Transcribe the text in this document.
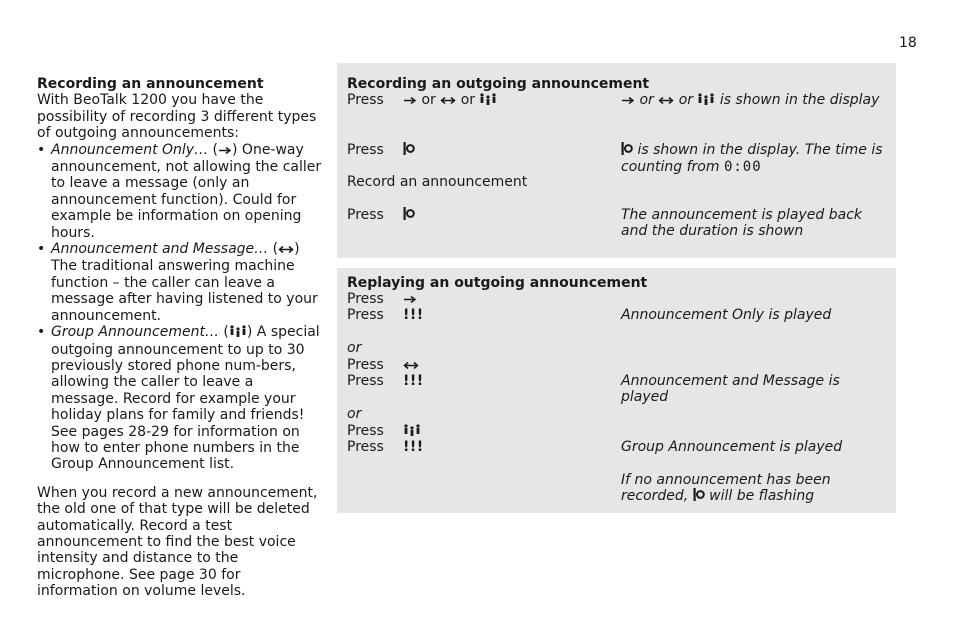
18

Recording an announcement

With BeoTalk 1200 you have the possibility of recording 3 different types of outgoing announcements:

• Announcement Only… ( ) One-way announcement, not allowing the caller to leave a message (only an announcement function). Could for example be information on opening hours.
• Announcement and Message… ( ) The traditional answering machine function – the caller can leave a message after having listened to your announcement.
• Group Announcement… ( ) A special outgoing announcement to up to 30 previously stored phone num-bers, allowing the caller to leave a message. Record for example your holiday plans for family and friends! See pages 28-29 for information on how to enter phone numbers in the Group Announcement list.

When you record a new announcement, the old one of that type will be deleted automatically. Record a test announcement to find the best voice intensity and distance to the microphone. See page 30 for information on volume levels.

Recording an outgoing announcement
Press	or or	or or is shown in the display
Press	is shown in the display. The time is counting from 0:00
Record an announcement
Press	The announcement is played back and the duration is shown
Replaying an outgoing announcement
Press
Press !!!	Announcement Only is played
or
Press
Press !!!	Announcement and Message is played
or
Press
Press !!!	Group Announcement is played
If no announcement has been recorded, will be flashing
